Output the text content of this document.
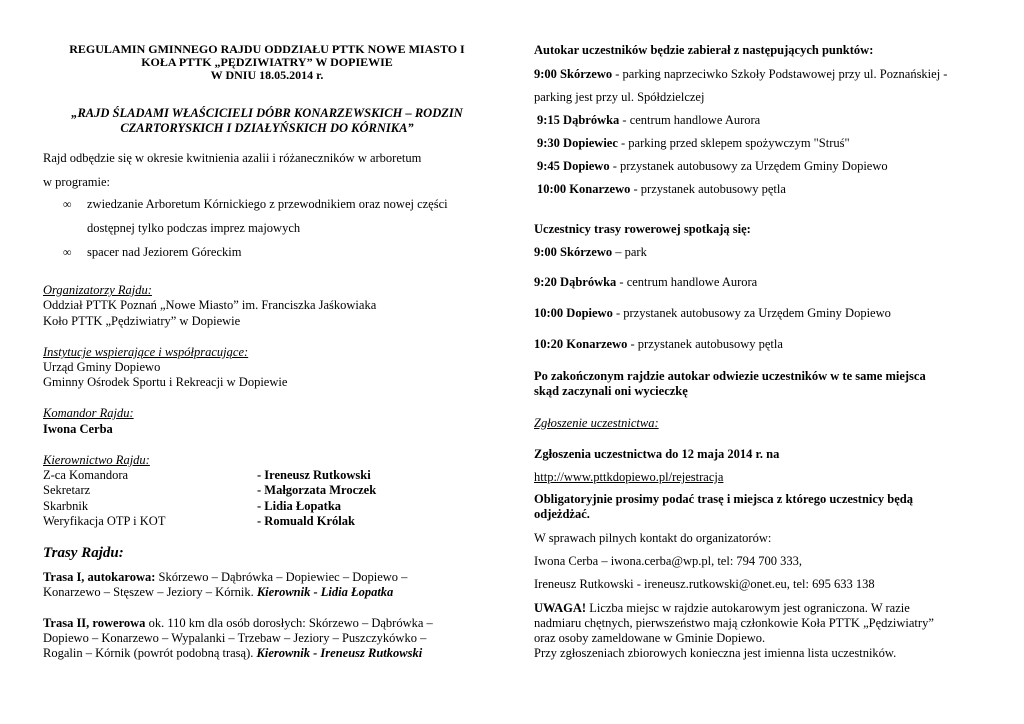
REGULAMIN GMINNEGO RAJDU ODDZIAŁU PTTK NOWE MIASTO I
KOŁA PTTK „PĘDZIWIATRY” W DOPIEWIE
W DNIU 18.05.2014 r.
„RAJD ŚLADAMI WŁAŚCICIELI DÓBR KONARZEWSKICH – RODZIN
CZARTORYSKICH I DZIAŁYŃSKICH DO KÓRNIKA”
Rajd odbędzie się w okresie kwitnienia azalii i różaneczników w arboretum
w programie:
∞ zwiedzanie Arboretum Kórnickiego z przewodnikiem oraz nowej części
dostępnej tylko podczas imprez majowych
∞ spacer nad Jeziorem Góreckim
Organizatorzy Rajdu:
Oddział PTTK Poznań „Nowe Miasto” im. Franciszka Jaśkowiaka
Koło PTTK „Pędziwiatry” w Dopiewie
Instytucje wspierające i współpracujące:
Urząd Gminy Dopiewo
Gminny Ośrodek Sportu i Rekreacji w Dopiewie
Komandor Rajdu:
Iwona Cerba
Kierownictwo Rajdu:
Z-ca Komandora	- Ireneusz Rutkowski
Sekretarz	- Małgorzata Mroczek
Skarbnik	- Lidia Łopatka
Weryfikacja OTP i KOT	- Romuald Królak
Trasy Rajdu:
Trasa I, autokarowa: Skórzewo – Dąbrówka – Dopiewiec – Dopiewo –
Konarzewo – Stęszew – Jeziory – Kórnik. Kierownik - Lidia Łopatka
Trasa II, rowerowa ok. 110 km dla osób dorosłych: Skórzewo – Dąbrówka –
Dopiewo – Konarzewo – Wypalanki – Trzebaw – Jeziory – Puszczykówko –
Rogalin – Kórnik (powrót podobną trasą). Kierownik - Ireneusz Rutkowski
Autokar uczestników będzie zabierał z następujących punktów:
9:00 Skórzewo - parking naprzeciwko Szkoły Podstawowej przy ul. Poznańskiej -
parking jest przy ul. Spółdzielczej
9:15 Dąbrówka - centrum handlowe Aurora
9:30 Dopiewiec - parking przed sklepem spożywczym "Struś"
9:45 Dopiewo - przystanek autobusowy za Urzędem Gminy Dopiewo
10:00 Konarzewo - przystanek autobusowy pętla
Uczestnicy trasy rowerowej spotkają się:
9:00 Skórzewo – park
9:20 Dąbrówka - centrum handlowe Aurora
10:00 Dopiewo - przystanek autobusowy za Urzędem Gminy Dopiewo
10:20 Konarzewo - przystanek autobusowy pętla
Po zakończonym rajdzie autokar odwiezie uczestników w te same miejsca
skąd zaczynali oni wycieczkę
Zgłoszenie uczestnictwa:
Zgłoszenia uczestnictwa do 12 maja 2014 r. na
http://www.pttkdopiewo.pl/rejestracja
Obligatoryjnie prosimy podać trasę i miejsca z którego uczestnicy będą
odjeżdżać.
W sprawach pilnych kontakt do organizatorów:
Iwona Cerba – iwona.cerba@wp.pl, tel: 794 700 333,
Ireneusz Rutkowski - ireneusz.rutkowski@onet.eu, tel: 695 633 138
UWAGA! Liczba miejsc w rajdzie autokarowym jest ograniczona. W razie
nadmiaru chętnych, pierwszeństwo mają członkowie Koła PTTK „Pędziwiatry”
oraz osoby zameldowane w Gminie Dopiewo.
Przy zgłoszeniach zbiorowych konieczna jest imienna lista uczestników.
